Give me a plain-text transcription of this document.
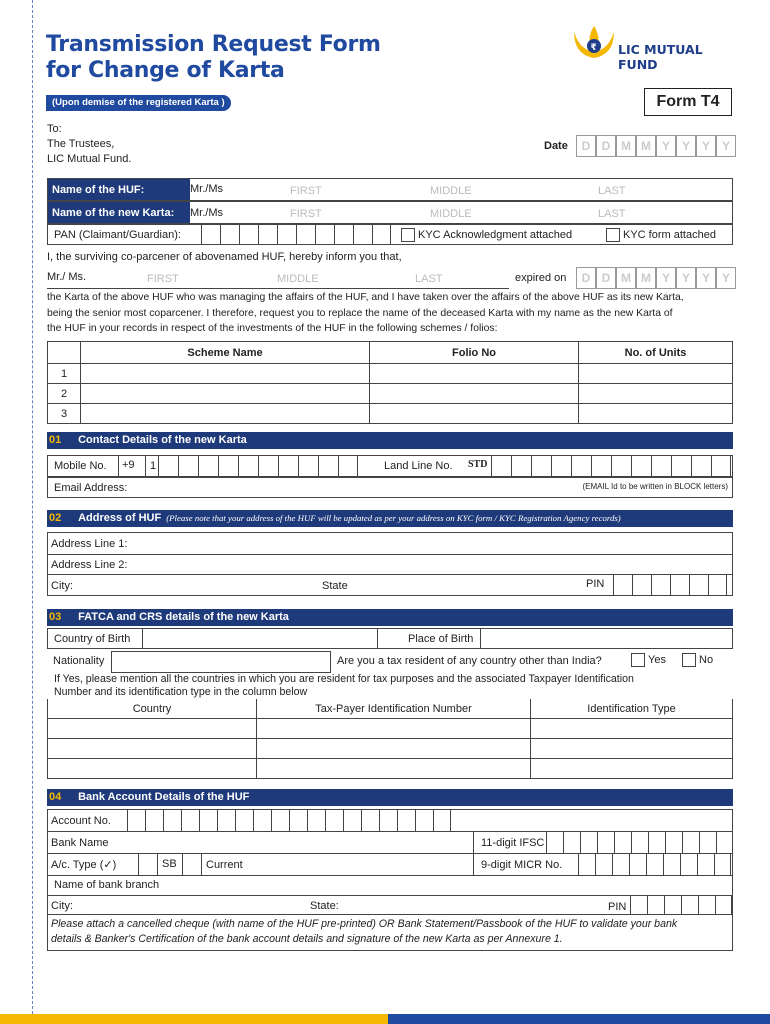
Transmission Request Form
for Change of Karta
(Upon demise of the registered Karta )	Form T4
₹ LIC MUTUAL FUND
To:
The Trustees,
LIC Mutual Fund.
Date	D D M M Y Y Y Y
Name of the HUF:	Mr./Ms	FIRST	MIDDLE	LAST
Name of the new Karta:	Mr./Ms	FIRST	MIDDLE	LAST
PAN (Claimant/Guardian):	KYC Acknowledgment attached	KYC form attached
I, the surviving co-parcener of abovenamed HUF, hereby inform you that,
Mr./ Ms.	FIRST	MIDDLE	LAST	expired on	D D M M Y Y Y Y
the Karta of the above HUF who was managing the affairs of the HUF, and I have taken over the affairs of the above HUF as its new Karta,
being the senior most coparcener. I therefore, request you to replace the name of the deceased Karta with my name as the new Karta of
the HUF in your records in respect of the investments of the HUF in the following schemes / folios:
	Scheme Name	Folio No	No. of Units
1			
2			
3			
01 Contact Details of the new Karta
Mobile No. +9	1	Land Line No. STD
Email Address:	(EMAIL Id to be written in BLOCK letters)
02 Address of HUF (Please note that your address of the HUF will be updated as per your address on KYC form / KYC Registration Agency records)
Address Line 1:
Address Line 2:
City:	State	PIN
03 FATCA and CRS details of the new Karta
Country of Birth	Place of Birth
Nationality	Are you a tax resident of any country other than India?	Yes	No
If Yes, please mention all the countries in which you are resident for tax purposes and the associated Taxpayer Identification
Number and its identification type in the column below
Country	Tax-Payer Identification Number	Identification Type

04 Bank Account Details of the HUF
Account No.
Bank Name	11-digit IFSC
A/c. Type (✓)	SB	Current	9-digit MICR No.
Name of bank branch
City:	State:	PIN
Please attach a cancelled cheque (with name of the HUF pre-printed) OR Bank Statement/Passbook of the HUF to validate your bank
details & Banker's Certification of the bank account details and signature of the new Karta as per Annexure 1.
